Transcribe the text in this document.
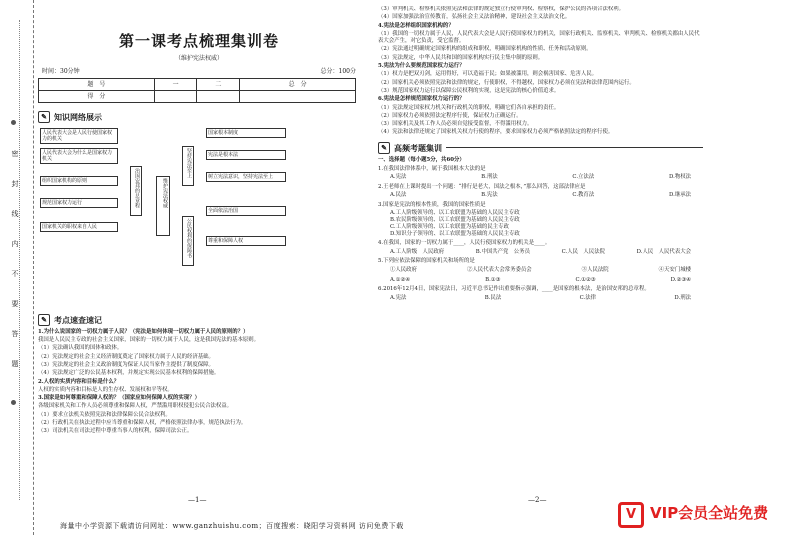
密　封　线　内　不　要　答　题
第一课考点梳理集训卷
（维护宪法权威）
时间：30分钟	总分：100分
题　号	一	二	总　分
得　分			
✎ 知识网络展示
人民代表大会是人民行使国家权力的机关
人民代表大会为什么是国家权力机关
组织国家机构的原则
规范国家权力运行
国家机关的职权来自人民
治国安邦的总章程	维护宪法权威
坚持宪法至上
公民权利的保障书
国家根本制度
宪法是根本法
树立宪法意识，坚持宪法至上
全面依法治国
尊重和保障人权
✎ 考点速查速记

1.为什么说国家的一切权力属于人民？（宪法是如何体现一切权力属于人民的原则的？）

我国是人民民主专政的社会主义国家，国家的一切权力属于人民，这是我国宪法的基本原则。

（1）宪法确认我国的国体和政体。

（2）宪法规定的社会主义经济制度奠定了国家权力属于人民的经济基础。

（3）宪法规定的社会主义政治制度为保证人民当家作主提供了制度保障。

（4）宪法规定广泛的公民基本权利，并规定实现公民基本权利的保障措施。

2.人权的实质内容和目标是什么？

人权的实质内容和目标是人的生存权、发展权和平等权。

3.国家是如何尊重和保障人权的？（国家应如何保障人权的实现？）

各级国家机关和工作人员必须尊重和保障人权，严禁滥用职权侵犯公民合法权益。

（1）要求立法机关依照宪法和法律保障公民合法权利。

（2）行政机关在执法过程中应当尊重和保障人权，严格依照法律办事，规范执法行为。

（3）司法机关在司法过程中尊重当事人的权利，保障司法公正。

—1—

（3）审判机关、检察机关依照宪法和法律的规定独立行使审判权、检察权，保护公民的各项合法权利。

（4）国家加强法治宣传教育，弘扬社会主义法治精神，建设社会主义法治文化。

4.宪法是怎样组织国家机构的？

（1）我国的一切权力属于人民，人民代表大会是人民行使国家权力的机关，国家行政机关、监察机关、审判机关、检察机关都由人民代表大会产生，对它负责，受它监督。

（2）宪法通过明确规定国家机构的组成和职权，明确国家机构的性质、任务和活动原则。

（3）宪法规定，中华人民共和国的国家机构实行民主集中制的原则。

5.宪法为什么要规范国家权力运行？

（1）权力是把双刃剑，运用得好，可以造福于民；如果被滥用，则会祸害国家、危害人民。

（2）国家机关必须依照宪法和法律的规定，行使职权，不得越权，国家权力必须在宪法和法律范围内运行。

（3）规范国家权力运行以保障公民权利的实现，这是宪法的核心价值追求。

6.宪法是怎样规范国家权力运行的？

（1）宪法规定国家权力机关和行政机关的职权，明确它们各自承担的责任。

（2）国家权力必须依照法定程序行使，保证权力正确运行。

（3）国家机关及其工作人员必须自觉接受监督，不得滥用权力。

（4）宪法和法律还规定了国家机关权力行使的程序，要求国家权力必须严格依照法定的程序行使。

✎ 高频考题集训

一、选择题（每小题5分，共60分）

1.在我国法律体系中，属于我国根本大法的是

A.宪法	B.刑法	C.立法法	D.物权法

2.王老师在上课时提出一个问题：“排行是老大，国法之根本，”那么回答，这部法律应是

A.民法	B.宪法	C.教育法	D.继承法

3.国家是宪法的根本性质，我国的国家性质是

A.工人阶级领导的、以工农联盟为基础的人民民主专政
B.农民阶级领导的、以工农联盟为基础的人民民主专政
C.工人阶级领导的、以工农联盟为基础的民主专政
D.知识分子领导的、以工农联盟为基础的人民民主专政

4.在我国，国家的一切权力属于____，人民行使国家权力的机关是____。

A.工人阶级　人民政府	B.中国共产党　公务员	C.人民　人民法院	D.人民　人民代表大会

5.下列应依法保障的国家机关和场所的是

①人民政府	②人民代表大会常务委员会	③人民法院	④天安门城楼
A.①②④	B.①③	C.①②③	D.②③④

6.2016年12月4日，国家宪法日，习近平总书记作出重要指示强调，____是国家的根本法，是治国安邦的总章程。

A.宪法	B.民法	C.法律	D.刑法
—2—
海量中小学资源下载请访问网址：www.ganzhuishu.com；百度搜索：晓阳学习资料网 访问免费下载
V VIP会员全站免费
